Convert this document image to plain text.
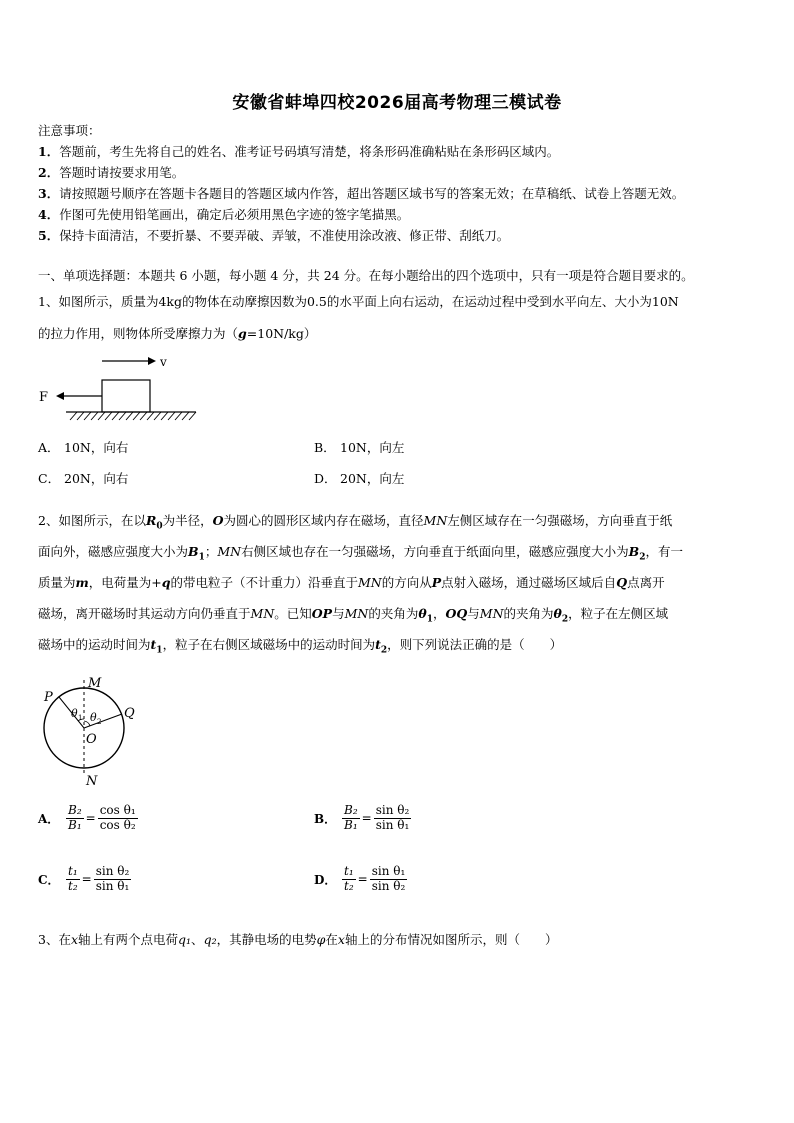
安徽省蚌埠四校2026届高考物理三模试卷
注意事项：
1．答题前，考生先将自己的姓名、准考证号码填写清楚，将条形码准确粘贴在条形码区域内。
2．答题时请按要求用笔。
3．请按照题号顺序在答题卡各题目的答题区域内作答，超出答题区域书写的答案无效；在草稿纸、试卷上答题无效。
4．作图可先使用铅笔画出，确定后必须用黑色字迹的签字笔描黑。
5．保持卡面清洁，不要折暴、不要弄破、弄皱，不准使用涂改液、修正带、刮纸刀。
一、单项选择题：本题共 6 小题，每小题 4 分，共 24 分。在每小题给出的四个选项中，只有一项是符合题目要求的。
1、如图所示，质量为4kg的物体在动摩擦因数为0.5的水平面上向右运动，在运动过程中受到水平向左、大小为10N
的拉力作用，则物体所受摩擦力为（g=10N/kg）
v
F
A． 10N，向右	B． 10N，向左
C． 20N，向右	D． 20N，向左
2、如图所示，在以$R_0$为半径，O为圆心的圆形区域内存在磁场，直径MN左侧区域存在一匀强磁场，方向垂直于纸
面向外，磁感应强度大小为$B_1$；MN右侧区域也存在一匀强磁场，方向垂直于纸面向里，磁感应强度大小为$B_2$，有一
质量为m，电荷量为+q的带电粒子（不计重力）沿垂直于MN的方向从P点射入磁场，通过磁场区域后自Q点离开
磁场，离开磁场时其运动方向仍垂直于MN。已知OP与MN的夹角为$\theta_1$，OQ与MN的夹角为$\theta_2$，粒子在左侧区域
磁场中的运动时间为$t_1$，粒子在右侧区域磁场中的运动时间为$t_2$，则下列说法正确的是（　　）
P
M
Q
O
N
θ 1 θ 2
A． $\frac{\text{B₂}}{\text{B₁}} = \frac{\text{cos θ₁}}{\text{cos θ₂}}$	B． $\frac{\text{B₂}}{\text{B₁}} = \frac{\text{sin θ₂}}{\text{sin θ₁}}$
C． $\frac{\text{t₁}}{\text{t₂}} = \frac{\text{sin θ₂}}{\text{sin θ₁}}$	D． $\frac{\text{t₁}}{\text{t₂}} = \frac{\text{sin θ₁}}{\text{sin θ₂}}$
3、在x轴上有两个点电荷q₁、q₂，其静电场的电势φ在x轴上的分布情况如图所示，则（　　）
